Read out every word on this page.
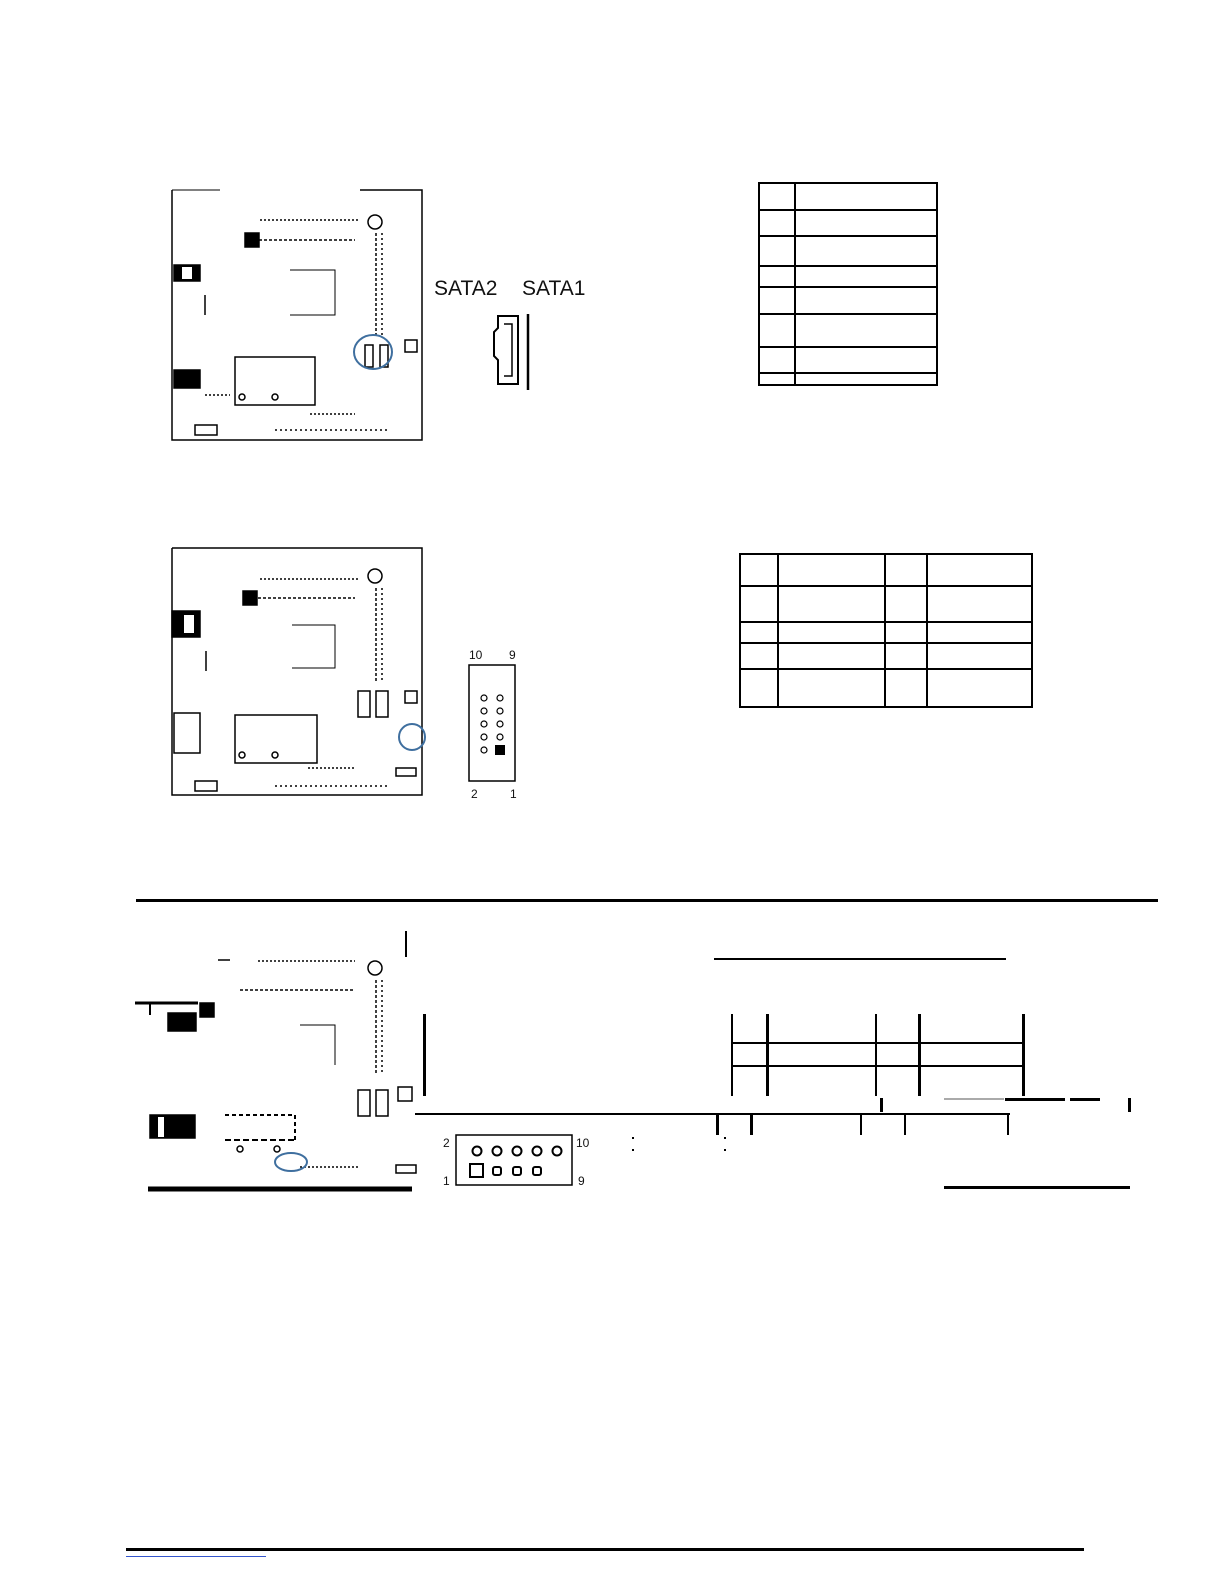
SATA2 SATA1

10 9
2	1

2	10
1	9
